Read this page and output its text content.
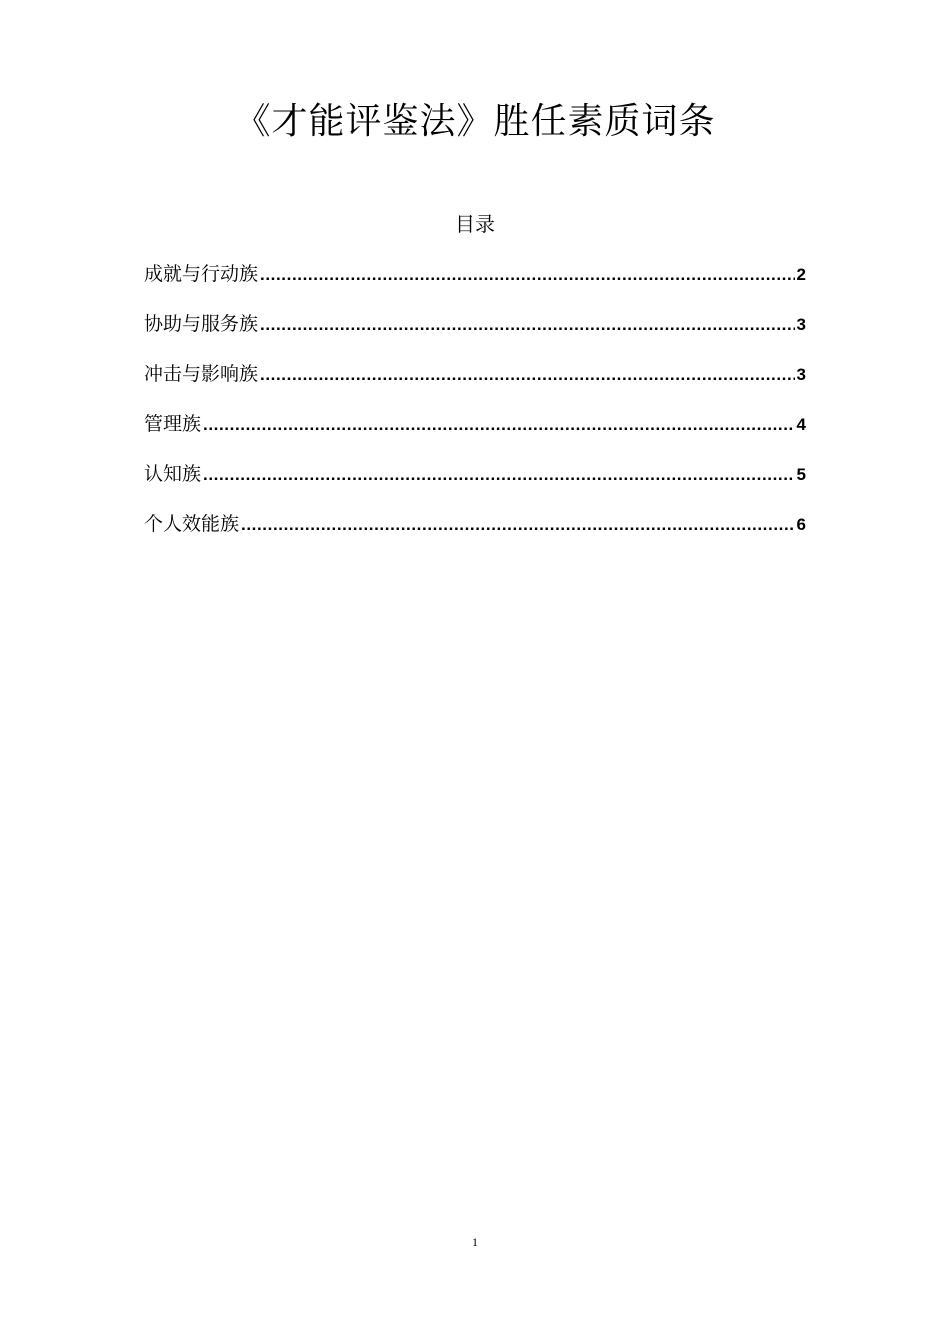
《才能评鉴法》胜任素质词条
目录
成就与行动族 .....	2
协助与服务族 .....	3
冲击与影响族 .....	3
管理族 .....	4
认知族 .....	5
个人效能族 .....	6
1
